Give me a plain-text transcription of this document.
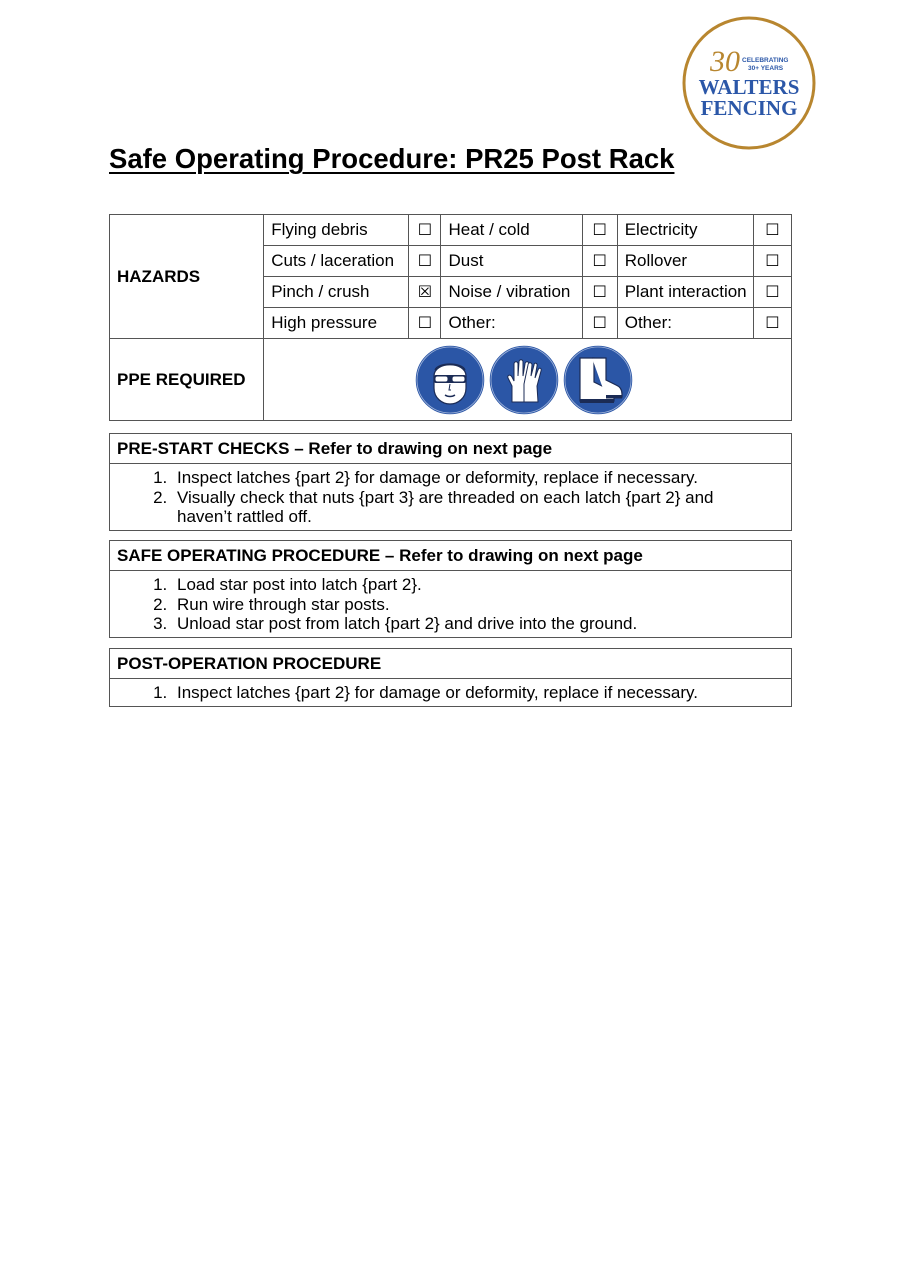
30 CELEBRATING
30+ YEARS
WALTERS
FENCING
Safe Operating Procedure: PR25 Post Rack
HAZARDS	Flying debris	☐	Heat / cold	☐	Electricity	☐
	Cuts / laceration	☐	Dust	☐	Rollover	☐
	Pinch / crush	☒	Noise / vibration	☐	Plant interaction	☐
	High pressure	☐	Other:	☐	Other:	☐
PPE REQUIRED	
PRE-START CHECKS – Refer to drawing on next page
1. Inspect latches {part 2} for damage or deformity, replace if necessary.
2. Visually check that nuts {part 3} are threaded on each latch {part 2} and haven’t rattled off.
SAFE OPERATING PROCEDURE – Refer to drawing on next page
1. Load star post into latch {part 2}.
2. Run wire through star posts.
3. Unload star post from latch {part 2} and drive into the ground.
POST-OPERATION PROCEDURE
1. Inspect latches {part 2} for damage or deformity, replace if necessary.
